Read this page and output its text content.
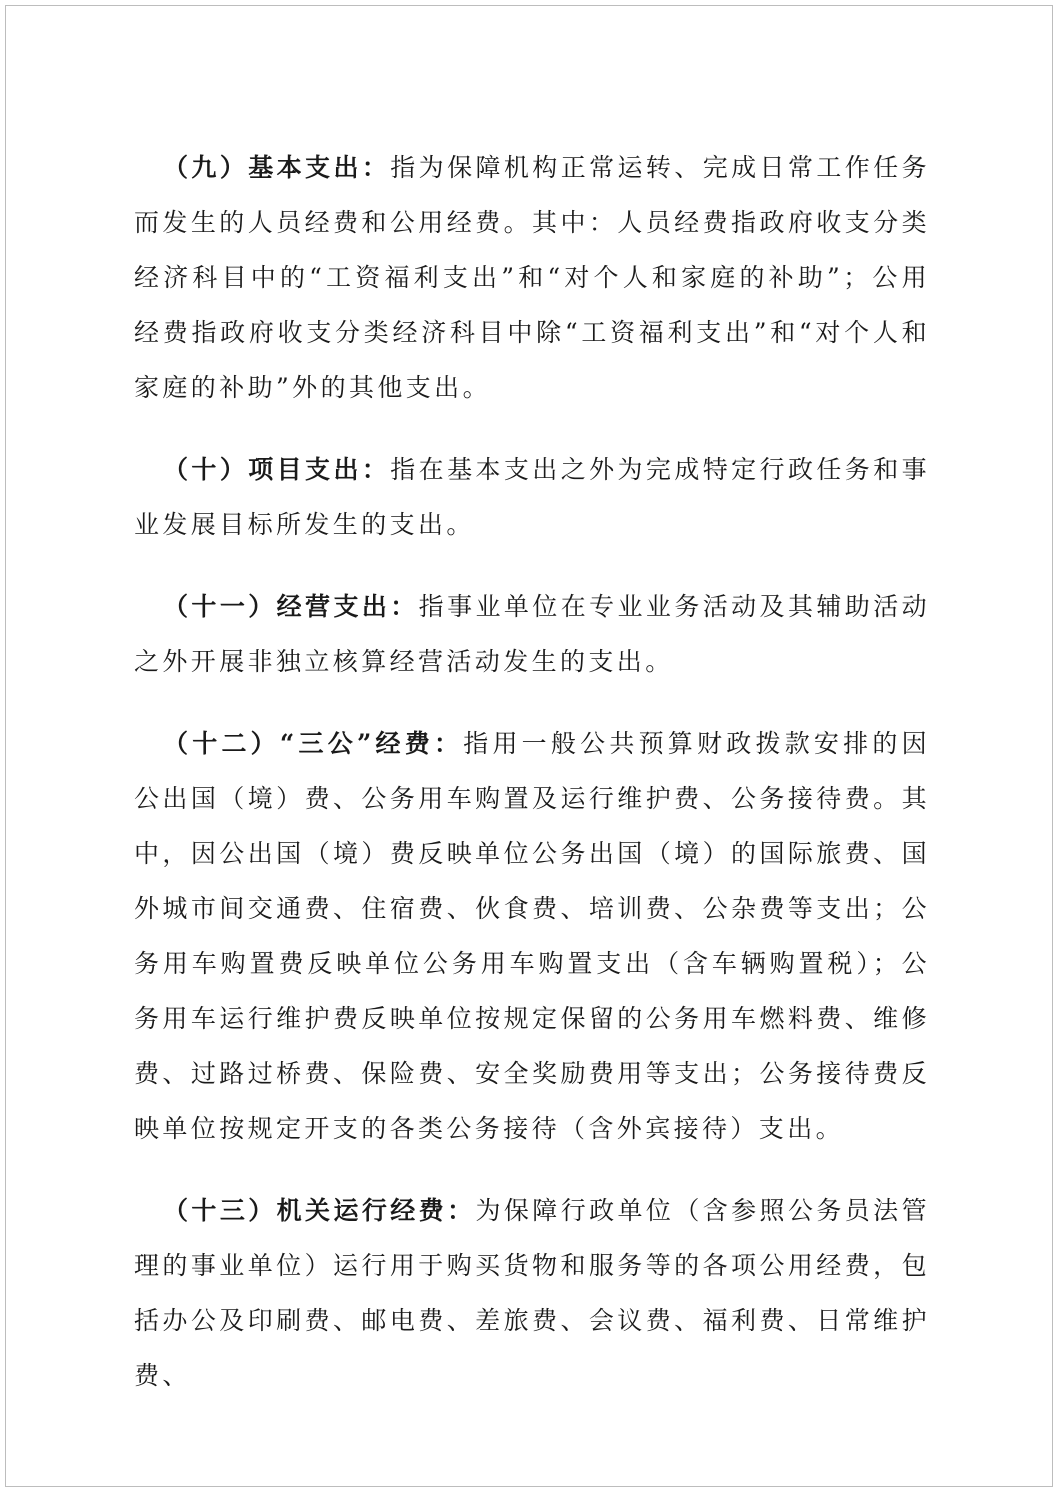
（九）基本支出：指为保障机构正常运转、完成日常工作任务而发生的人员经费和公用经费。其中：人员经费指政府收支分类经济科目中的“工资福利支出”和“对个人和家庭的补助”；公用经费指政府收支分类经济科目中除“工资福利支出”和“对个人和家庭的补助”外的其他支出。

（十）项目支出：指在基本支出之外为完成特定行政任务和事业发展目标所发生的支出。

（十一）经营支出：指事业单位在专业业务活动及其辅助活动之外开展非独立核算经营活动发生的支出。

（十二）“三公”经费：指用一般公共预算财政拨款安排的因公出国（境）费、公务用车购置及运行维护费、公务接待费。其中，因公出国（境）费反映单位公务出国（境）的国际旅费、国外城市间交通费、住宿费、伙食费、培训费、公杂费等支出；公务用车购置费反映单位公务用车购置支出（含车辆购置税）；公务用车运行维护费反映单位按规定保留的公务用车燃料费、维修费、过路过桥费、保险费、安全奖励费用等支出；公务接待费反映单位按规定开支的各类公务接待（含外宾接待）支出。

（十三）机关运行经费：为保障行政单位（含参照公务员法管理的事业单位）运行用于购买货物和服务等的各项公用经费，包括办公及印刷费、邮电费、差旅费、会议费、福利费、日常维护 费、
